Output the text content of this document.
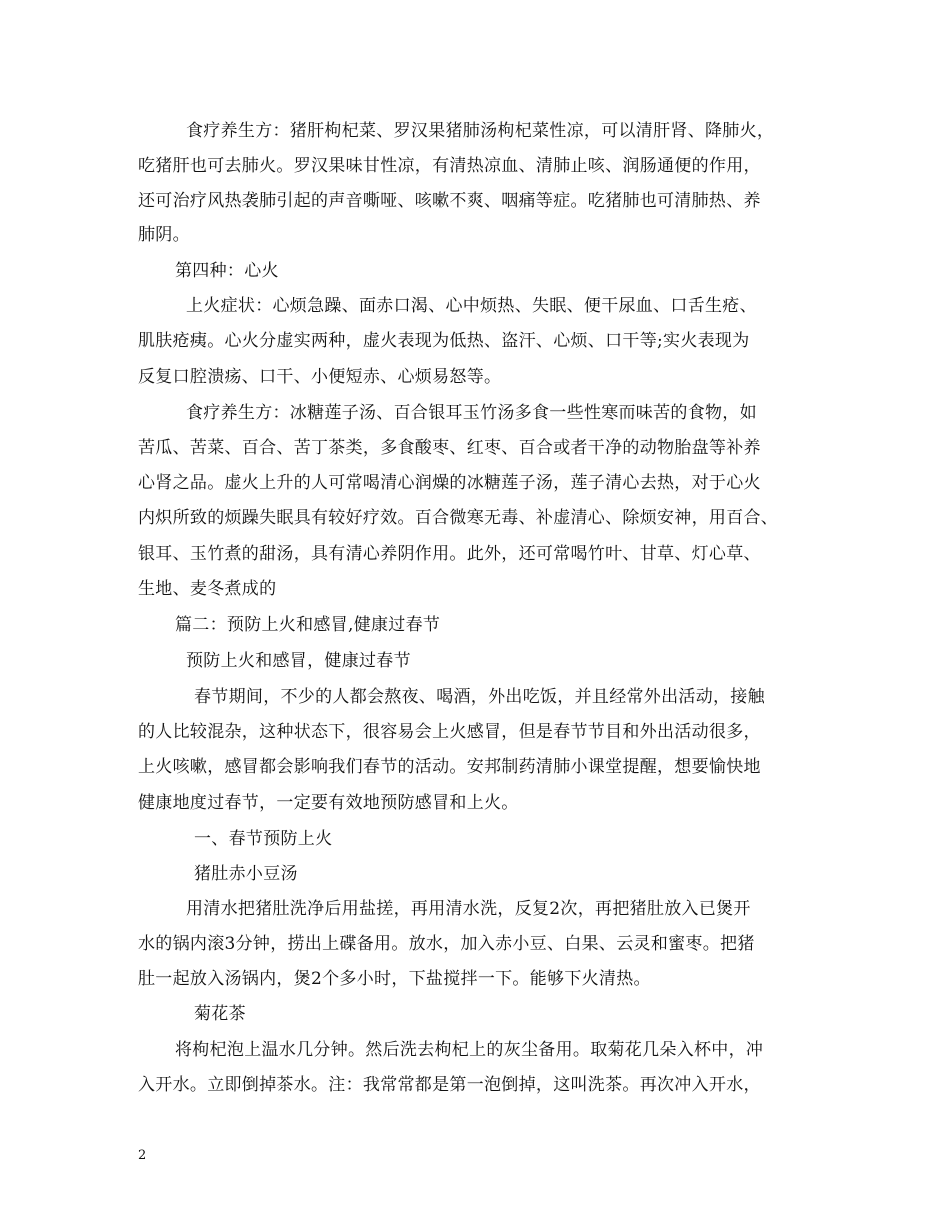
食疗养生方：猪肝枸杞菜、罗汉果猪肺汤枸杞菜性凉，可以清肝肾、降肺火，
吃猪肝也可去肺火。罗汉果味甘性凉，有清热凉血、清肺止咳、润肠通便的作用，
还可治疗风热袭肺引起的声音嘶哑、咳嗽不爽、咽痛等症。吃猪肺也可清肺热、养
肺阴。
第四种：心火
上火症状：心烦急躁、面赤口渴、心中烦热、失眠、便干尿血、口舌生疮、
肌肤疮痍。心火分虚实两种，虚火表现为低热、盗汗、心烦、口干等;实火表现为
反复口腔溃疡、口干、小便短赤、心烦易怒等。
食疗养生方：冰糖莲子汤、百合银耳玉竹汤多食一些性寒而味苦的食物，如
苦瓜、苦菜、百合、苦丁茶类，多食酸枣、红枣、百合或者干净的动物胎盘等补养
心肾之品。虚火上升的人可常喝清心润燥的冰糖莲子汤，莲子清心去热，对于心火
内炽所致的烦躁失眠具有较好疗效。百合微寒无毒、补虚清心、除烦安神，用百合、
银耳、玉竹煮的甜汤，具有清心养阴作用。此外，还可常喝竹叶、甘草、灯心草、
生地、麦冬煮成的
篇二：预防上火和感冒,健康过春节
预防上火和感冒，健康过春节
春节期间，不少的人都会熬夜、喝酒，外出吃饭，并且经常外出活动，接触
的人比较混杂，这种状态下，很容易会上火感冒，但是春节节目和外出活动很多，
上火咳嗽，感冒都会影响我们春节的活动。安邦制药清肺小课堂提醒，想要愉快地
健康地度过春节，一定要有效地预防感冒和上火。
一、春节预防上火
猪肚赤小豆汤
用清水把猪肚洗净后用盐搓，再用清水洗，反复2次，再把猪肚放入已煲开
水的锅内滚3分钟，捞出上碟备用。放水，加入赤小豆、白果、云灵和蜜枣。把猪
肚一起放入汤锅内，煲2个多小时，下盐搅拌一下。能够下火清热。
菊花茶
将枸杞泡上温水几分钟。然后洗去枸杞上的灰尘备用。取菊花几朵入杯中，冲
入开水。立即倒掉茶水。注：我常常都是第一泡倒掉，这叫洗茶。再次冲入开水，
2
